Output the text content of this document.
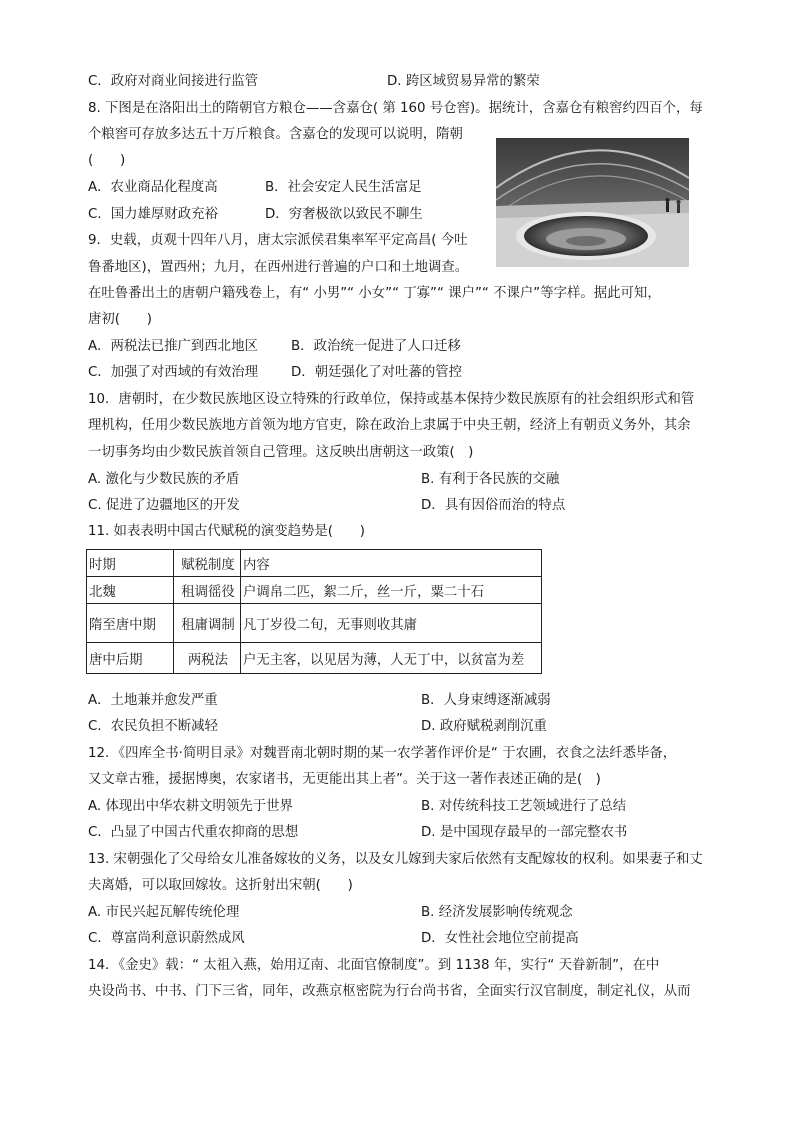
C．政府对商业间接进行监管	D. 跨区域贸易异常的繁荣
8. 下图是在洛阳出土的隋朝官方粮仓——含嘉仓( 第 160 号仓窖)。据统计，含嘉仓有粮窖约四百个，每
个粮窖可存放多达五十万斤粮食。含嘉仓的发现可以说明，隋朝
(　　)
A．农业商品化程度高	B．社会安定人民生活富足
C．国力雄厚财政充裕	D．穷奢极欲以致民不聊生
9．史载，贞观十四年八月，唐太宗派侯君集率军平定高昌( 今吐
鲁番地区)，置西州；九月，在西州进行普遍的户口和土地调查。
在吐鲁番出土的唐朝户籍残卷上，有“ 小男”“ 小女”“ 丁寡”“ 课户”“ 不课户”等字样。据此可知，
唐初(　　)
A．两税法已推广到西北地区 B．政治统一促进了人口迁移
C．加强了对西域的有效治理 D．朝廷强化了对吐蕃的管控
10．唐朝时，在少数民族地区设立特殊的行政单位，保持或基本保持少数民族原有的社会组织形式和管
理机构，任用少数民族地方首领为地方官吏，除在政治上隶属于中央王朝，经济上有朝贡义务外，其余
一切事务均由少数民族首领自己管理。这反映出唐朝这一政策(　)
A. 激化与少数民族的矛盾	B. 有利于各民族的交融
C. 促进了边疆地区的开发	D．具有因俗而治的特点
11. 如表表明中国古代赋税的演变趋势是(　　)
时期	赋税制度	内容
北魏	租调徭役	户调帛二匹，絮二斤，丝一斤，粟二十石
隋至唐中期	租庸调制	凡丁岁役二旬，无事则收其庸
唐中后期	两税法	户无主客，以见居为薄，人无丁中，以贫富为差
A．土地兼并愈发严重	B．人身束缚逐渐减弱
C．农民负担不断减轻	D. 政府赋税剥削沉重
12．《四库全书·简明目录》对魏晋南北朝时期的某一农学著作评价是“ 于农圃，衣食之法纤悉毕备，
又文章古雅，援据博奥，农家诸书，无更能出其上者”。关于这一著作表述正确的是(　)
A. 体现出中华农耕文明领先于世界	B. 对传统科技工艺领域进行了总结
C．凸显了中国古代重农抑商的思想	D. 是中国现存最早的一部完整农书
13. 宋朝强化了父母给女儿准备嫁妆的义务，以及女儿嫁到夫家后依然有支配嫁妆的权利。如果妻子和丈
夫离婚，可以取回嫁妆。这折射出宋朝(　　)
A. 市民兴起瓦解传统伦理	B. 经济发展影响传统观念
C．尊富尚利意识蔚然成风	D．女性社会地位空前提高
14．《金史》载：“ 太祖入燕，始用辽南、北面官僚制度”。到 1138 年，实行“ 天眷新制”，在中
央设尚书、中书、门下三省，同年，改燕京枢密院为行台尚书省，全面实行汉官制度，制定礼仪，从而
